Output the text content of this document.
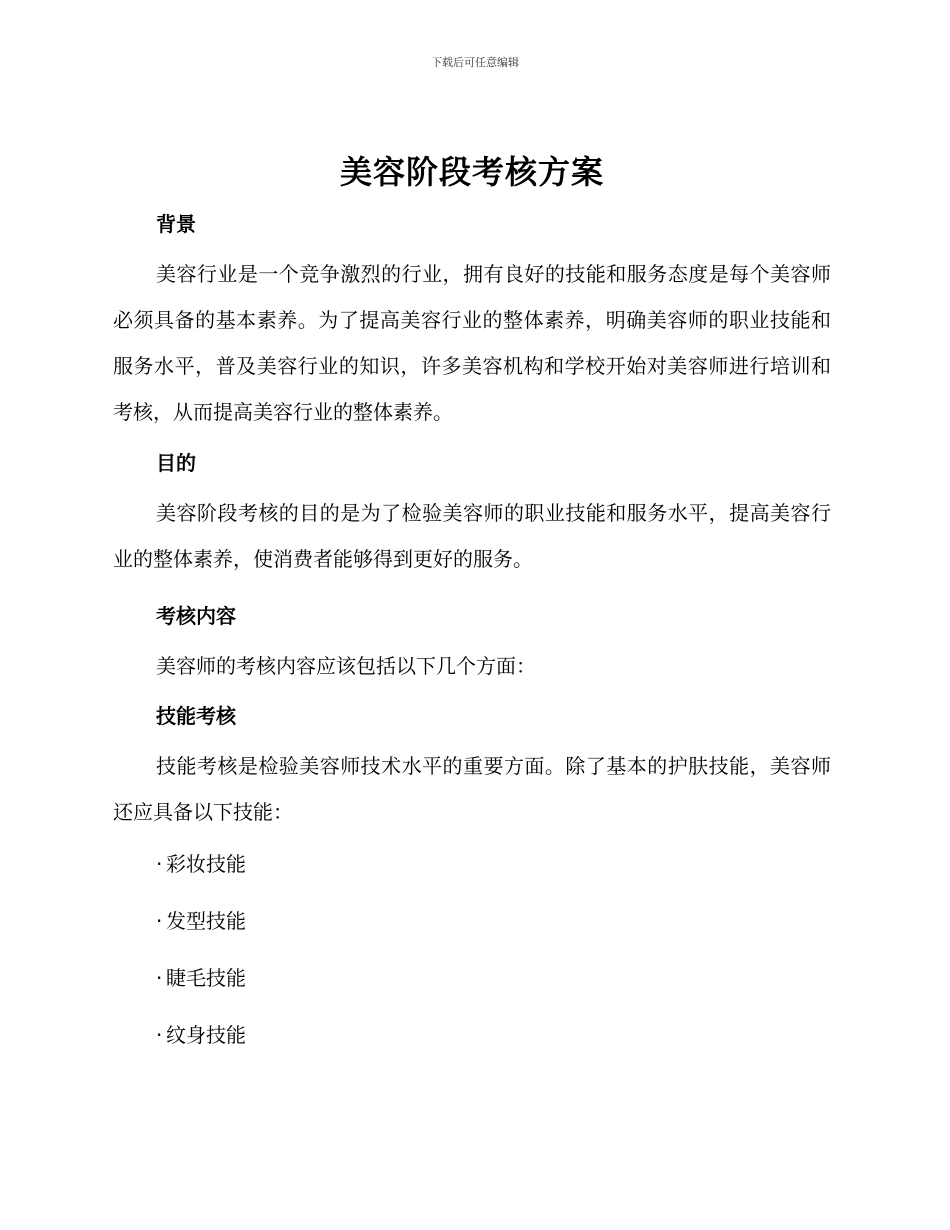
下载后可任意编辑
美容阶段考核方案
背景

美容行业是一个竞争激烈的行业，拥有良好的技能和服务态度是每个美容师必须具备的基本素养。为了提高美容行业的整体素养，明确美容师的职业技能和服务水平，普及美容行业的知识，许多美容机构和学校开始对美容师进行培训和考核，从而提高美容行业的整体素养。

目的

美容阶段考核的目的是为了检验美容师的职业技能和服务水平，提高美容行业的整体素养，使消费者能够得到更好的服务。

考核内容

美容师的考核内容应该包括以下几个方面：

技能考核

技能考核是检验美容师技术水平的重要方面。除了基本的护肤技能，美容师还应具备以下技能：

· 彩妆技能
· 发型技能
· 睫毛技能
· 纹身技能
